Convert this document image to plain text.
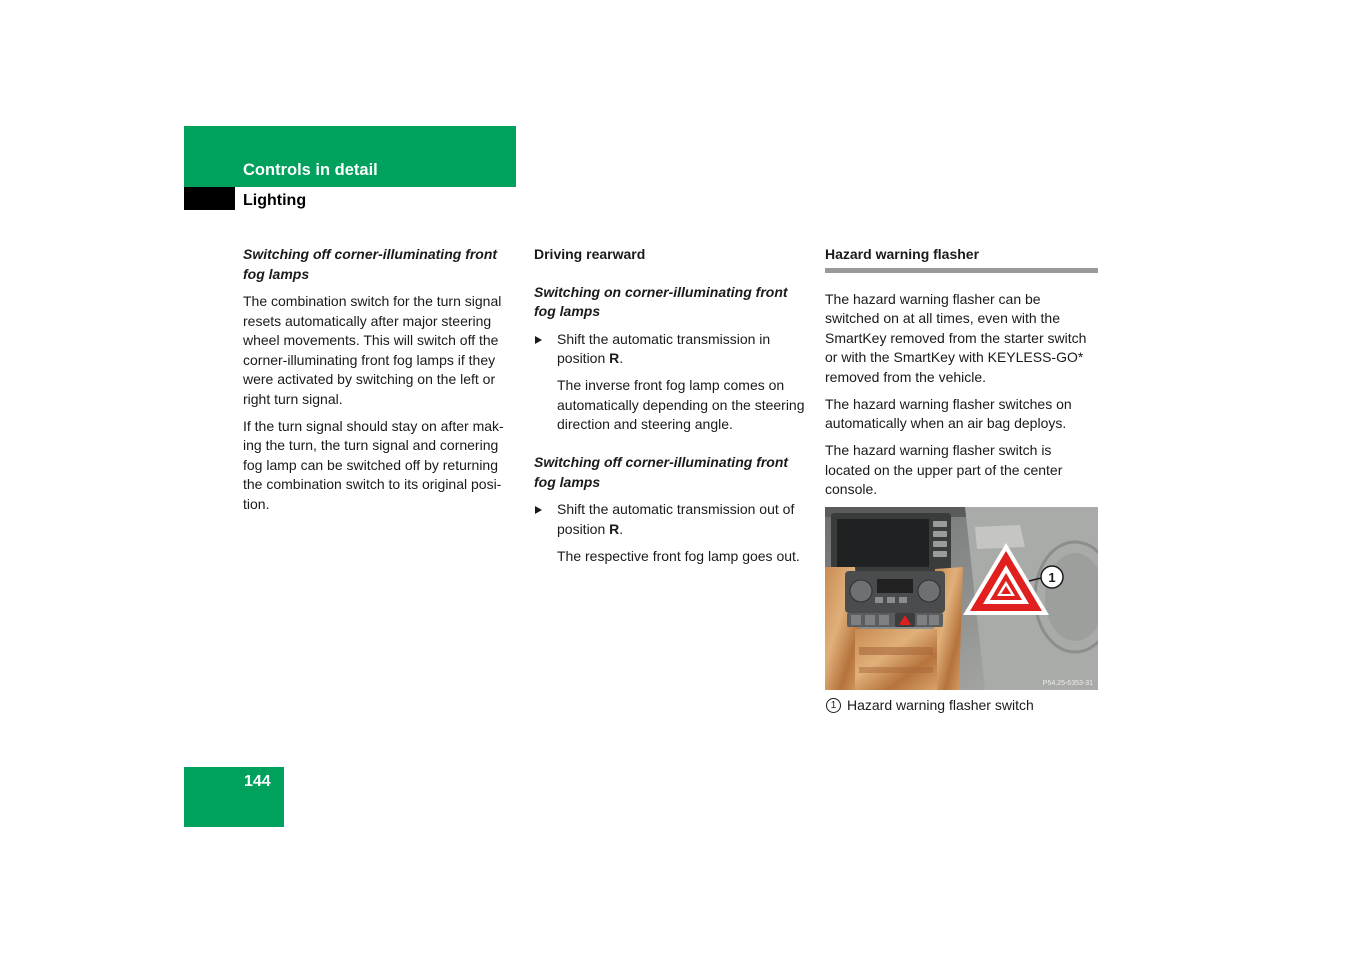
Controls in detail
Lighting
Switching off corner-illuminating front fog lamps

The combination switch for the turn signal resets automatically after major steering wheel movements. This will switch off the corner-illuminating front fog lamps if they were activated by switching on the left or right turn signal.

If the turn signal should stay on after mak-ing the turn, the turn signal and cornering fog lamp can be switched off by returning the combination switch to its original posi-tion.

Driving rearward
Switching on corner-illuminating front fog lamps
Shift the automatic transmission in position R.

The inverse front fog lamp comes on automatically depending on the steering direction and steering angle.

Switching off corner-illuminating front fog lamps
Shift the automatic transmission out of position R.

The respective front fog lamp goes out.

Hazard warning flasher

The hazard warning flasher can be switched on at all times, even with the SmartKey removed from the starter switch or with the SmartKey with KEYLESS-GO* removed from the vehicle.

The hazard warning flasher switches on automatically when an air bag deploys.

The hazard warning flasher switch is located on the upper part of the center console.

1
P54.25-6353-31
1 Hazard warning flasher switch
144
